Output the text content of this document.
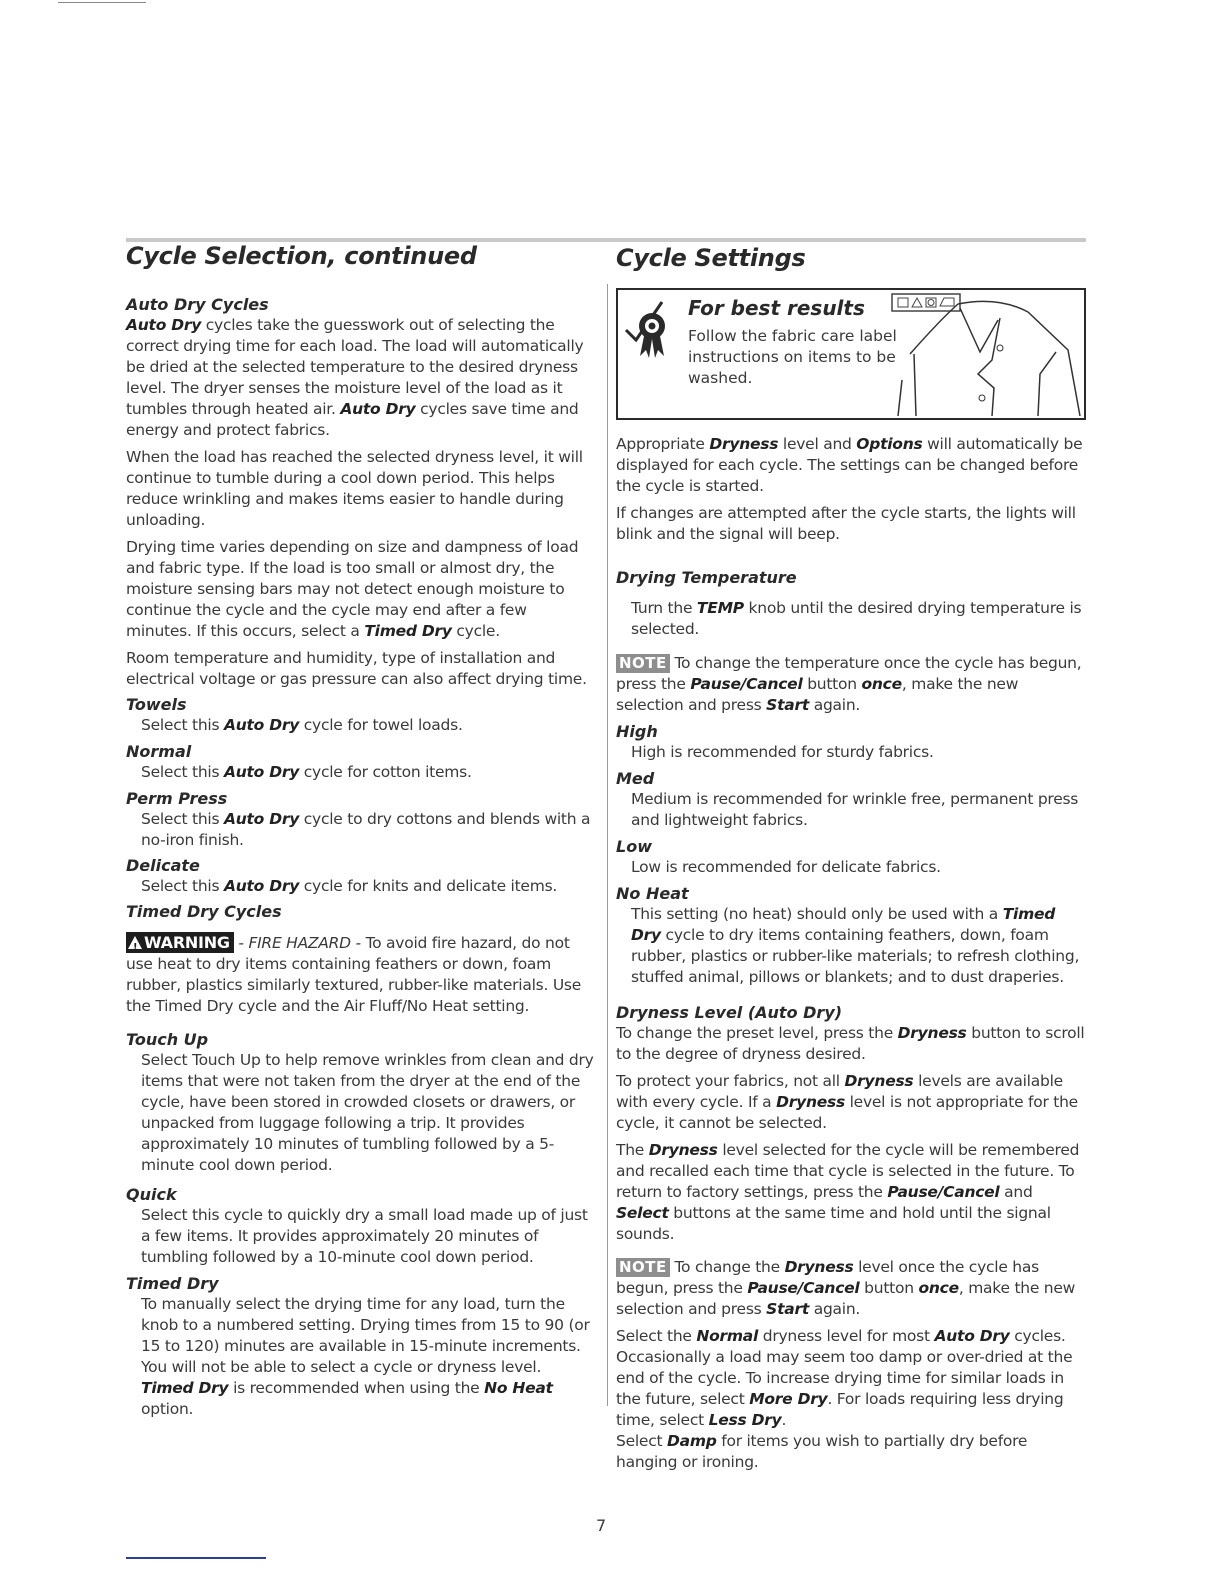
Cycle Selection, continued
Auto Dry Cycles

Auto Dry cycles take the guesswork out of selecting the correct drying time for each load. The load will automatically be dried at the selected temperature to the desired dryness level. The dryer senses the moisture level of the load as it tumbles through heated air. Auto Dry cycles save time and energy and protect fabrics.

When the load has reached the selected dryness level, it will continue to tumble during a cool down period. This helps reduce wrinkling and makes items easier to handle during unloading.

Drying time varies depending on size and dampness of load and fabric type. If the load is too small or almost dry, the moisture sensing bars may not detect enough moisture to continue the cycle and the cycle may end after a few minutes. If this occurs, select a Timed Dry cycle.

Room temperature and humidity, type of installation and electrical voltage or gas pressure can also affect drying time.

Towels

Select this Auto Dry cycle for towel loads.

Normal

Select this Auto Dry cycle for cotton items.

Perm Press

Select this Auto Dry cycle to dry cottons and blends with a no-iron finish.

Delicate

Select this Auto Dry cycle for knits and delicate items.

Timed Dry Cycles

!WARNING - FIRE HAZARD - To avoid fire hazard, do not use heat to dry items containing feathers or down, foam rubber, plastics similarly textured, rubber-like materials. Use the Timed Dry cycle and the Air Fluff/No Heat setting.

Touch Up

Select Touch Up to help remove wrinkles from clean and dry items that were not taken from the dryer at the end of the cycle, have been stored in crowded closets or drawers, or unpacked from luggage following a trip. It provides approximately 10 minutes of tumbling followed by a 5-minute cool down period.

Quick

Select this cycle to quickly dry a small load made up of just a few items. It provides approximately 20 minutes of tumbling followed by a 10-minute cool down period.

Timed Dry

To manually select the drying time for any load, turn the knob to a numbered setting. Drying times from 15 to 90 (or 15 to 120) minutes are available in 15-minute increments. You will not be able to select a cycle or dryness level. Timed Dry is recommended when using the No Heat option.

Cycle Settings
For best results
Follow the fabric care label instructions on items to be washed.

Appropriate Dryness level and Options will automatically be displayed for each cycle. The settings can be changed before the cycle is started.

If changes are attempted after the cycle starts, the lights will blink and the signal will beep.

Drying Temperature

Turn the TEMP knob until the desired drying temperature is selected.

NOTE To change the temperature once the cycle has begun, press the Pause/Cancel button once, make the new selection and press Start again.

High

High is recommended for sturdy fabrics.

Med

Medium is recommended for wrinkle free, permanent press and lightweight fabrics.

Low

Low is recommended for delicate fabrics.

No Heat

This setting (no heat) should only be used with a Timed Dry cycle to dry items containing feathers, down, foam rubber, plastics or rubber-like materials; to refresh clothing, stuffed animal, pillows or blankets; and to dust draperies.

Dryness Level (Auto Dry)

To change the preset level, press the Dryness button to scroll to the degree of dryness desired.

To protect your fabrics, not all Dryness levels are available with every cycle. If a Dryness level is not appropriate for the cycle, it cannot be selected.

The Dryness level selected for the cycle will be remembered and recalled each time that cycle is selected in the future. To return to factory settings, press the Pause/Cancel and Select buttons at the same time and hold until the signal sounds.

NOTE To change the Dryness level once the cycle has begun, press the Pause/Cancel button once, make the new selection and press Start again.

Select the Normal dryness level for most Auto Dry cycles. Occasionally a load may seem too damp or over-dried at the end of the cycle. To increase drying time for similar loads in the future, select More Dry. For loads requiring less drying time, select Less Dry.

Select Damp for items you wish to partially dry before hanging or ironing.

7
